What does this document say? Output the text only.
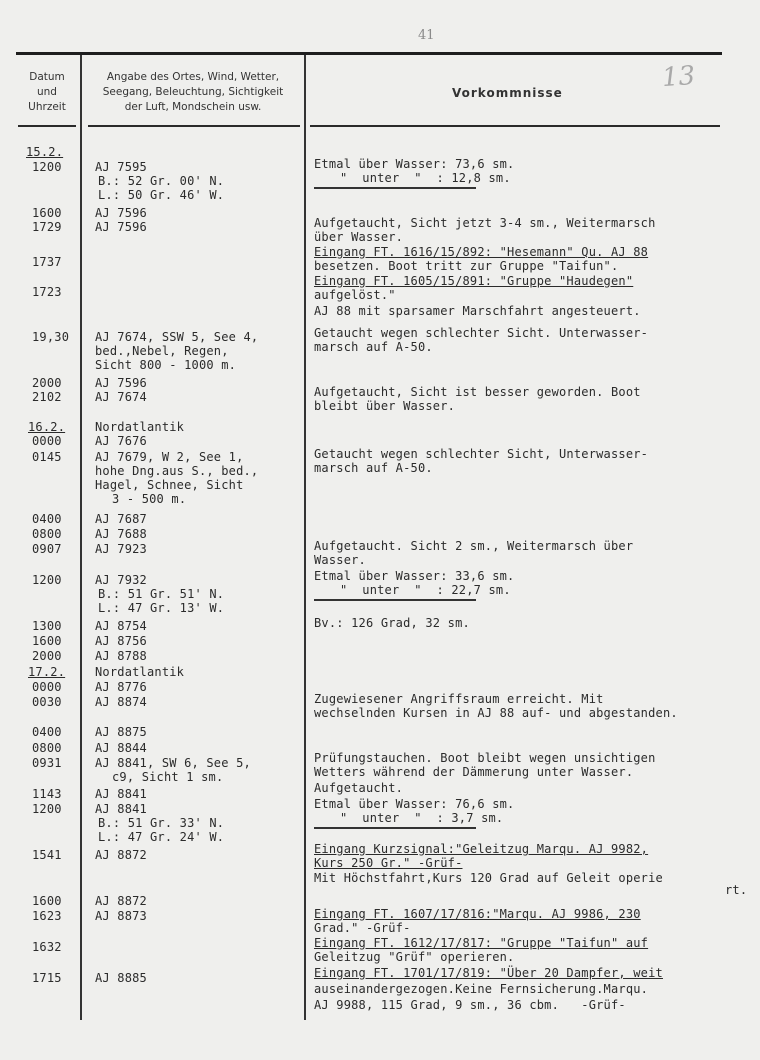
41
13
Datum
und
Uhrzeit
Angabe des Ortes, Wind, Wetter,
Seegang, Beleuchtung, Sichtigkeit
der Luft, Mondschein usw.
Vorkommnisse
15.2.
1200
1600
1729
1737
1723
19,30
2000
2102
16.2.
0000
0145
0400
0800
0907
1200
1300
1600
2000
17.2.
0000
0030
0400
0800
0931
1143
1200
1541
1600
1623
1632
1715
AJ 7595
B.: 52 Gr. 00' N.
L.: 50 Gr. 46' W.
AJ 7596
AJ 7596
AJ 7674, SSW 5, See 4,
bed.,Nebel, Regen,
Sicht 800 - 1000 m.
AJ 7596
AJ 7674
Nordatlantik
AJ 7676
AJ 7679, W 2, See 1,
hohe Dng.aus S., bed.,
Hagel, Schnee, Sicht
3 - 500 m.
AJ 7687
AJ 7688
AJ 7923
AJ 7932
B.: 51 Gr. 51' N.
L.: 47 Gr. 13' W.
AJ 8754
AJ 8756
AJ 8788
Nordatlantik
AJ 8776
AJ 8874
AJ 8875
AJ 8844
AJ 8841, SW 6, See 5,
c9, Sicht 1 sm.
AJ 8841
AJ 8841
B.: 51 Gr. 33' N.
L.: 47 Gr. 24' W.
AJ 8872
AJ 8872
AJ 8873
AJ 8885
Etmal über Wasser: 73,6 sm.
"  unter  "  : 12,8 sm.
Aufgetaucht, Sicht jetzt 3-4 sm., Weitermarsch
über Wasser.
Eingang FT. 1616/15/892: "Hesemann" Qu. AJ 88
besetzen. Boot tritt zur Gruppe "Taifun".
Eingang FT. 1605/15/891: "Gruppe "Haudegen"
aufgelöst."
AJ 88 mit sparsamer Marschfahrt angesteuert.
Getaucht wegen schlechter Sicht. Unterwasser-
marsch auf A-50.
Aufgetaucht, Sicht ist besser geworden. Boot
bleibt über Wasser.
Getaucht wegen schlechter Sicht, Unterwasser-
marsch auf A-50.
Aufgetaucht. Sicht 2 sm., Weitermarsch über
Wasser.
Etmal über Wasser: 33,6 sm.
"  unter  "  : 22,7 sm.
Bv.: 126 Grad, 32 sm.
Zugewiesener Angriffsraum erreicht. Mit
wechselnden Kursen in AJ 88 auf- und abgestanden.
Prüfungstauchen. Boot bleibt wegen unsichtigen
Wetters während der Dämmerung unter Wasser.
Aufgetaucht.
Etmal über Wasser: 76,6 sm.
"  unter  "  : 3,7 sm.
Eingang Kurzsignal:"Geleitzug Marqu. AJ 9982,
Kurs 250 Gr." -Grüf-
Mit Höchstfahrt,Kurs 120 Grad auf Geleit operie
rt.
Eingang FT. 1607/17/816:"Marqu. AJ 9986, 230
Grad." -Grüf-
Eingang FT. 1612/17/817: "Gruppe "Taifun" auf
Geleitzug "Grüf" operieren.
Eingang FT. 1701/17/819: "Über 20 Dampfer, weit
auseinandergezogen.Keine Fernsicherung.Marqu.
AJ 9988, 115 Grad, 9 sm., 36 cbm.   -Grüf-
